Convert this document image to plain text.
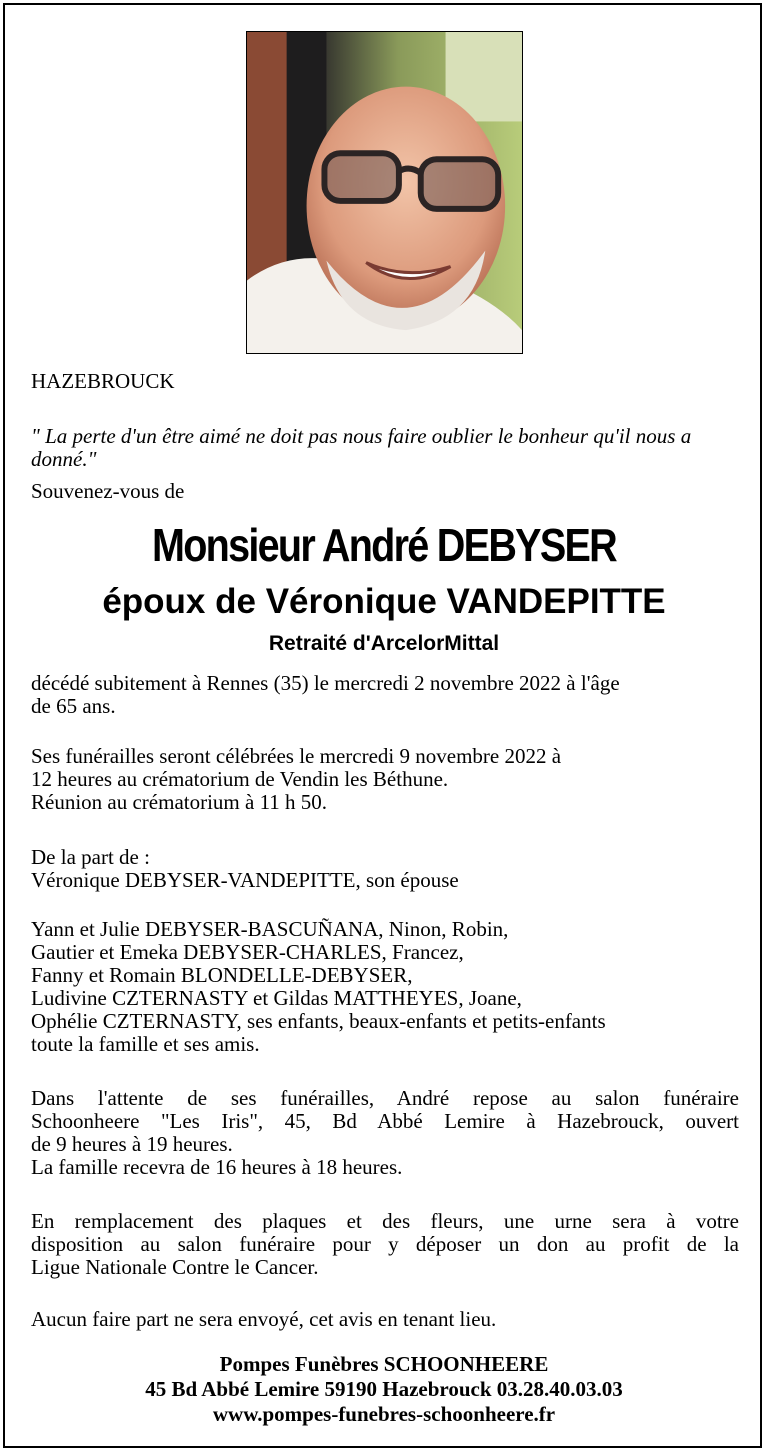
HAZEBROUCK

" La perte d'un être aimé ne doit pas nous faire oublier le bonheur qu'il nous a
donné."

Souvenez-vous de

Monsieur André DEBYSER
époux de Véronique VANDEPITTE
Retraité d'ArcelorMittal

décédé subitement à Rennes (35) le mercredi 2 novembre 2022 à l'âge
de 65 ans.

Ses funérailles seront célébrées le mercredi 9 novembre 2022 à
12 heures au crématorium de Vendin les Béthune.
Réunion au crématorium à 11 h 50.

De la part de :
Véronique DEBYSER-VANDEPITTE, son épouse

Yann et Julie DEBYSER-BASCUÑANA, Ninon, Robin,
Gautier et Emeka DEBYSER-CHARLES, Francez,
Fanny et Romain BLONDELLE-DEBYSER,
Ludivine CZTERNASTY et Gildas MATTHEYES, Joane,
Ophélie CZTERNASTY, ses enfants, beaux-enfants et petits-enfants
toute la famille et ses amis.

Dans l'attente de ses funérailles, André repose au salon funéraire
Schoonheere "Les Iris", 45, Bd Abbé Lemire à Hazebrouck, ouvert
de 9 heures à 19 heures.
La famille recevra de 16 heures à 18 heures.

En remplacement des plaques et des fleurs, une urne sera à votre
disposition au salon funéraire pour y déposer un don au profit de la
Ligue Nationale Contre le Cancer.

Aucun faire part ne sera envoyé, cet avis en tenant lieu.

Pompes Funèbres SCHOONHEERE
45 Bd Abbé Lemire 59190 Hazebrouck 03.28.40.03.03
www.pompes-funebres-schoonheere.fr
